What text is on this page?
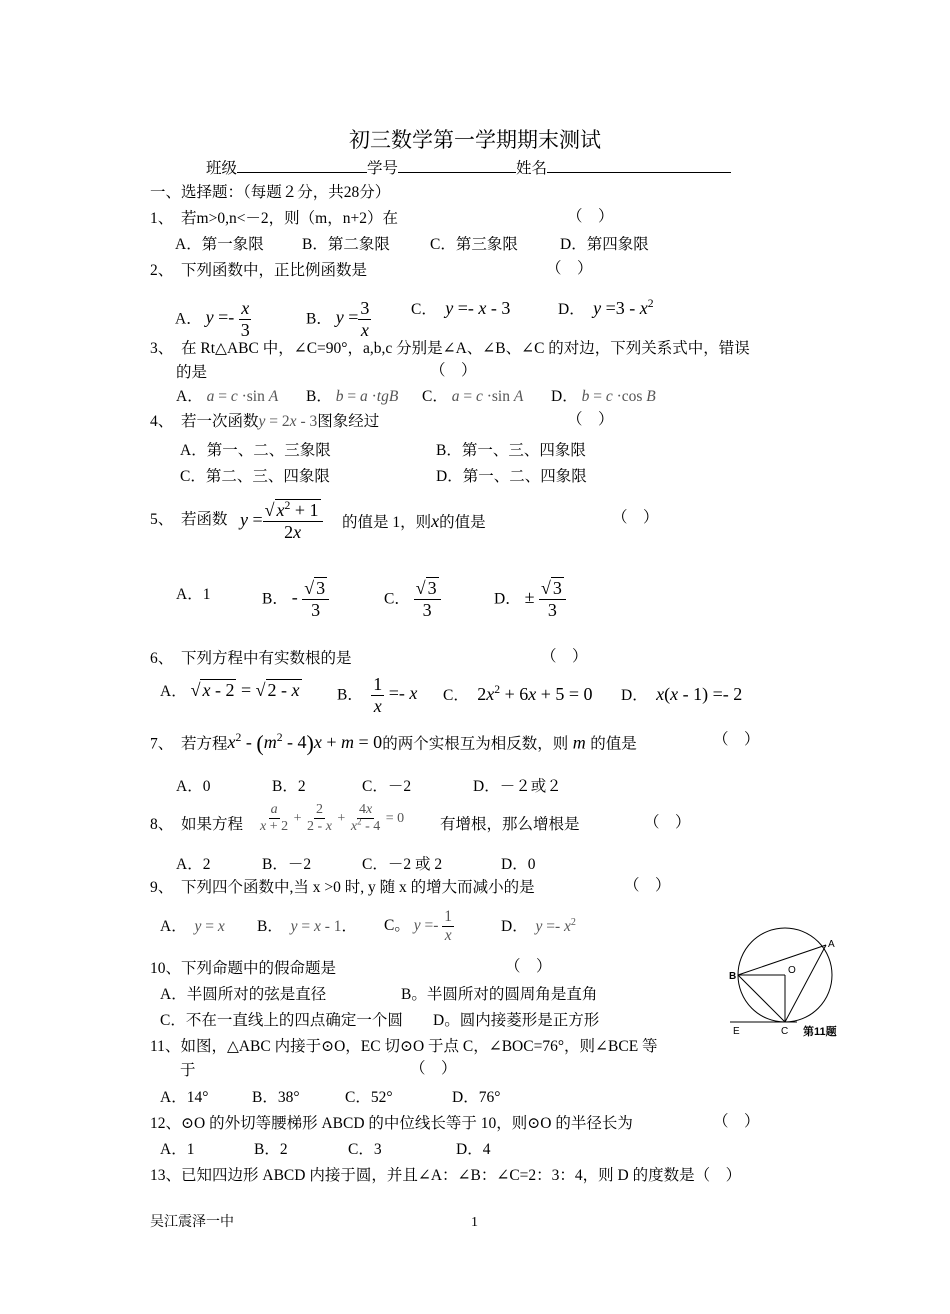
初三数学第一学期期末测试
班级	学号	姓名
一、选择题：（每题２分，共28分）
1、 若m>0,n<－2，则（m，n+2）在	（　）
A．第一象限 B．第二象限	C．第三象限	D．第四象限
2、 下列函数中，正比例函数是	（　）
A． $y =- \frac{x}{3}$	B． $y = \frac{3}{x}$	C． y =- x - 3	D． $y =3 - x^2$
3、 在 Rt△ABC 中，∠C=90°，a,b,c 分别是∠A、∠B、∠C 的对边，下列关系式中，错误
的是	（　）
A． a = c ·sin A B． b = a ·tgB C． a = c ·sin A D． b = c ·cos B
4、 若一次函数y = 2x - 3图象经过	（　）
A．第一、二、三象限	B．第一、三、四象限
C．第二、三、四象限	D．第一、二、四象限
5、 若函数 $y = \frac{√ x^2 + 1}{2x}$ 的值是 1，则x的值是	（　）
A．1	B． - $\frac{√ 3}{3}$	C． $\frac{√ 3}{3}$	D． ± $\frac{√ 3}{3}$
6、 下列方程中有实数根的是	（　）
A． √ x - 2 = √ 2 - x B． $\frac{1}{x} =- x$ C．  $2x^2 + 6x + 5 = 0$ D． x(x - 1) =- 2
7、 若方程$x^2 - (m^2 - 4)x + m = 0$的两个实根互为相反数，则 m 的值是	（　）
A．0	B．2	C．－2	D．－２或２
8、 如果方程 $\frac{a}{x + 2} + \frac{2}{2 - x} + \frac{4x}{x^2 - 4} = 0$ 有增根，那么增根是	（　）
A．2	B．－2	C．－2 或 2	D．0
9、 下列四个函数中,当 x >0 时, y 随 x 的增大而减小的是	（　）
A． y = x B． y = x - 1． C。 $y =- \frac{1}{x}$	D． $y =- x^2$
10、下列命题中的假命题是	（　）
A．半圆所对的弦是直径	B。半圆所对的圆周角是直角
C．不在一直线上的四点确定一个圆 D。圆内接菱形是正方形
11、如图，△ABC 内接于⊙O，EC 切⊙O 于点 C，∠BOC=76°，则∠BCE 等
于	（　）
A．14°	B．38°	C．52°	D．76°
12、⊙O 的外切等腰梯形 ABCD 的中位线长等于 10，则⊙O 的半径长为	（　）
A．1	B．2	C．3	D．4
13、已知四边形 ABCD 内接于圆，并且∠A：∠B：∠C=2：3：4，则 D 的度数是（　）
A
B
O
E	C 第11题
吴江震泽一中	1
